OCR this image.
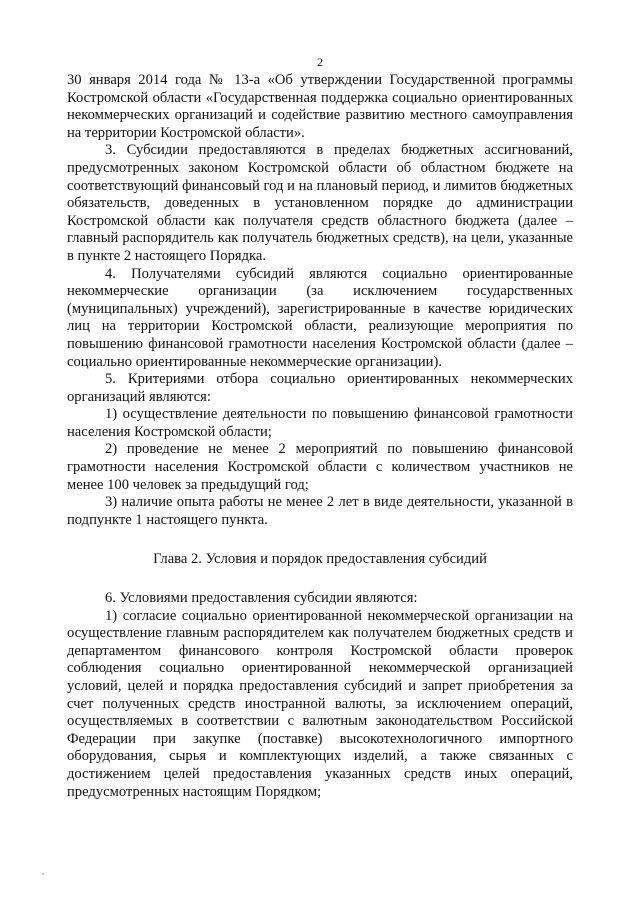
2

30 января 2014 года № 13-а «Об утверждении Государственной программы Костромской области «Государственная поддержка социально ориентированных некоммерческих организаций и содействие развитию местного самоуправления на территории Костромской области».

3. Субсидии предоставляются в пределах бюджетных ассигнований, предусмотренных законом Костромской области об областном бюджете на соответствующий финансовый год и на плановый период, и лимитов бюджетных обязательств, доведенных в установленном порядке до администрации Костромской области как получателя средств областного бюджета (далее – главный распорядитель как получатель бюджетных средств), на цели, указанные в пункте 2 настоящего Порядка.

4. Получателями субсидий являются социально ориентированные некоммерческие организации (за исключением государственных (муниципальных) учреждений), зарегистрированные в качестве юридических лиц на территории Костромской области, реализующие мероприятия по повышению финансовой грамотности населения Костромской области (далее – социально ориентированные некоммерческие организации).

5. Критериями отбора социально ориентированных некоммерческих организаций являются:

1) осуществление деятельности по повышению финансовой грамотности населения Костромской области;

2) проведение не менее 2 мероприятий по повышению финансовой грамотности населения Костромской области с количеством участников не менее 100 человек за предыдущий год;

3) наличие опыта работы не менее 2 лет в виде деятельности, указанной в подпункте 1 настоящего пункта.

Глава 2. Условия и порядок предоставления субсидий

6. Условиями предоставления субсидии являются:

1) согласие социально ориентированной некоммерческой организации на осуществление главным распорядителем как получателем бюджетных средств и департаментом финансового контроля Костромской области проверок соблюдения социально ориентированной некоммерческой организацией условий, целей и порядка предоставления субсидий и запрет приобретения за счет полученных средств иностранной валюты, за исключением операций, осуществляемых в соответствии с валютным законодательством Российской Федерации при закупке (поставке) высокотехнологичного импортного оборудования, сырья и комплектующих изделий, а также связанных с достижением целей предоставления указанных средств иных операций, предусмотренных настоящим Порядком;
